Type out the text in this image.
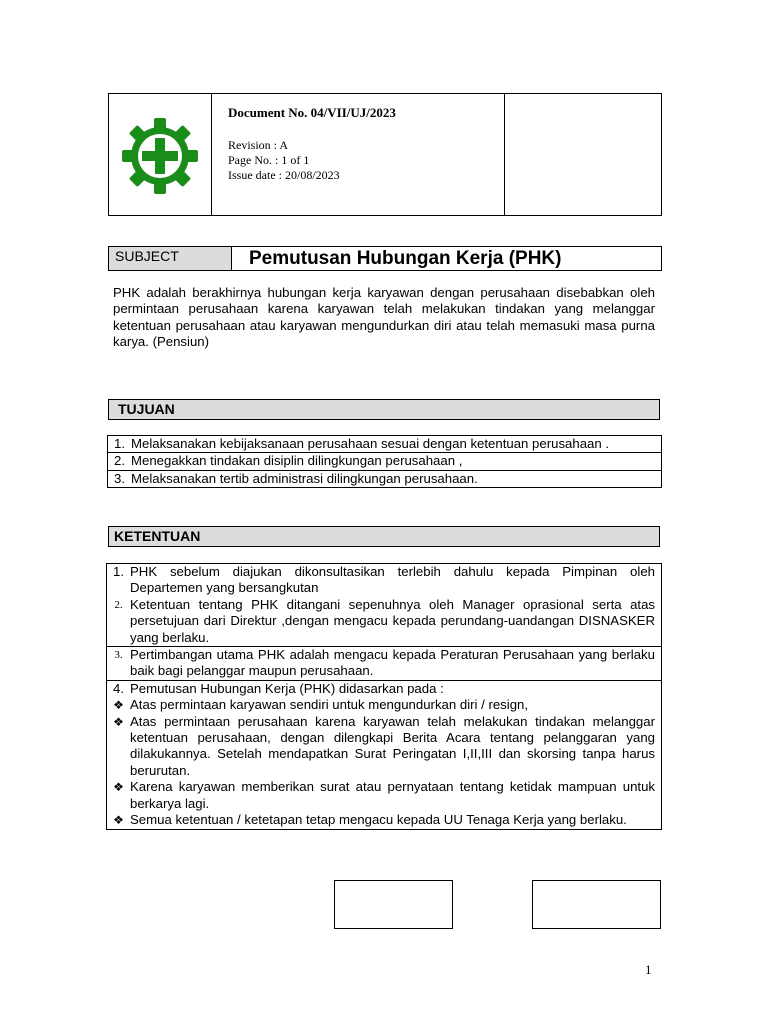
Document No. 04/VII/UJ/2023
Revision : A
Page No. : 1 of 1
Issue date : 20/08/2023
SUBJECT	Pemutusan Hubungan Kerja (PHK)
PHK adalah berakhirnya hubungan kerja karyawan dengan perusahaan disebabkan oleh permintaan perusahaan karena karyawan telah melakukan tindakan yang melanggar ketentuan perusahaan atau karyawan mengundurkan diri atau telah memasuki masa purna karya. (Pensiun)
TUJUAN
1. Melaksanakan kebijaksanaan perusahaan sesuai dengan ketentuan perusahaan .

2. Menegakkan tindakan disiplin dilingkungan perusahaan ,

3. Melaksanakan tertib administrasi dilingkungan perusahaan.
KETENTUAN
1. PHK sebelum diajukan dikonsultasikan terlebih dahulu kepada Pimpinan oleh Departemen yang bersangkutan
2. Ketentuan tentang PHK ditangani sepenuhnya oleh Manager oprasional serta atas persetujuan dari Direktur ,dengan mengacu kepada perundang-uandangan DISNASKER yang berlaku.

3. Pertimbangan utama PHK adalah mengacu kepada Peraturan Perusahaan yang berlaku baik bagi pelanggar maupun perusahaan.

4. Pemutusan Hubungan Kerja (PHK) didasarkan pada :
❖ Atas permintaan karyawan sendiri untuk mengundurkan diri / resign,
❖ Atas permintaan perusahaan karena karyawan telah melakukan tindakan melanggar ketentuan perusahaan, dengan dilengkapi Berita Acara tentang pelanggaran yang dilakukannya. Setelah mendapatkan Surat Peringatan I,II,III dan skorsing tanpa harus berurutan.
❖ Karena karyawan memberikan surat atau pernyataan tentang ketidak mampuan untuk berkarya lagi.
❖ Semua ketentuan / ketetapan tetap mengacu kepada UU Tenaga Kerja yang berlaku.
1
